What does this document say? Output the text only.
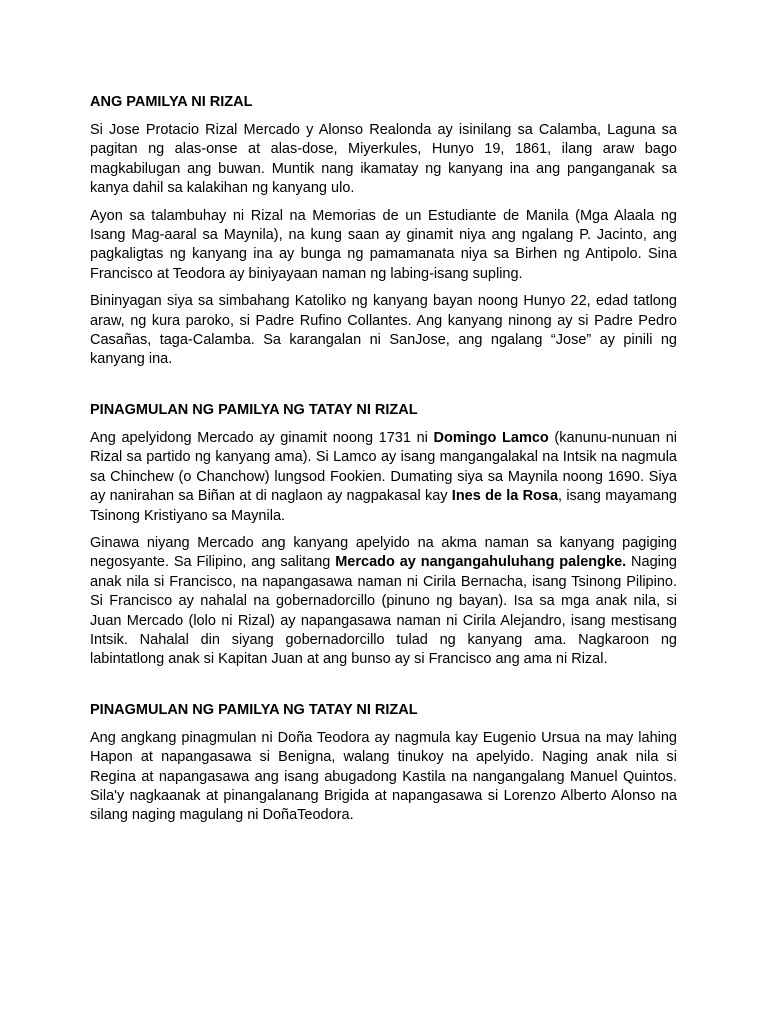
ANG PAMILYA NI RIZAL

Si Jose Protacio Rizal Mercado y Alonso Realonda ay isinilang sa Calamba, Laguna sa pagitan ng alas-onse at alas-dose, Miyerkules, Hunyo 19, 1861, ilang araw bago magkabilugan ang buwan. Muntik nang ikamatay ng kanyang ina ang panganganak sa kanya dahil sa kalakihan ng kanyang ulo.

Ayon sa talambuhay ni Rizal na Memorias de un Estudiante de Manila (Mga Alaala ng Isang Mag-aaral sa Maynila), na kung saan ay ginamit niya ang ngalang P. Jacinto, ang pagkaligtas ng kanyang ina ay bunga ng pamamanata niya sa Birhen ng Antipolo. Sina Francisco at Teodora ay biniyayaan naman ng labing-isang supling.

Bininyagan siya sa simbahang Katoliko ng kanyang bayan noong Hunyo 22, edad tatlong araw, ng kura paroko, si Padre Rufino Collantes. Ang kanyang ninong ay si Padre Pedro Casañas, taga-Calamba. Sa karangalan ni SanJose, ang ngalang “Jose” ay pinili ng kanyang ina.

PINAGMULAN NG PAMILYA NG TATAY NI RIZAL

Ang apelyidong Mercado ay ginamit noong 1731 ni Domingo Lamco (kanunu-nunuan ni Rizal sa partido ng kanyang ama). Si Lamco ay isang mangangalakal na Intsik na nagmula sa Chinchew (o Chanchow) lungsod Fookien. Dumating siya sa Maynila noong 1690. Siya ay nanirahan sa Biñan at di naglaon ay nagpakasal kay Ines de la Rosa, isang mayamang Tsinong Kristiyano sa Maynila.

Ginawa niyang Mercado ang kanyang apelyido na akma naman sa kanyang pagiging negosyante. Sa Filipino, ang salitang Mercado ay nangangahuluhang palengke. Naging anak nila si Francisco, na napangasawa naman ni Cirila Bernacha, isang Tsinong Pilipino. Si Francisco ay nahalal na gobernadorcillo (pinuno ng bayan). Isa sa mga anak nila, si Juan Mercado (lolo ni Rizal) ay napangasawa naman ni Cirila Alejandro, isang mestisang Intsik. Nahalal din siyang gobernadorcillo tulad ng kanyang ama. Nagkaroon ng labintatlong anak si Kapitan Juan at ang bunso ay si Francisco ang ama ni Rizal.

PINAGMULAN NG PAMILYA NG TATAY NI RIZAL

Ang angkang pinagmulan ni Doña Teodora ay nagmula kay Eugenio Ursua na may lahing Hapon at napangasawa si Benigna, walang tinukoy na apelyido. Naging anak nila si Regina at napangasawa ang isang abugadong Kastila na nangangalang Manuel Quintos. Sila'y nagkaanak at pinangalanang Brigida at napangasawa si Lorenzo Alberto Alonso na silang naging magulang ni DoñaTeodora.
